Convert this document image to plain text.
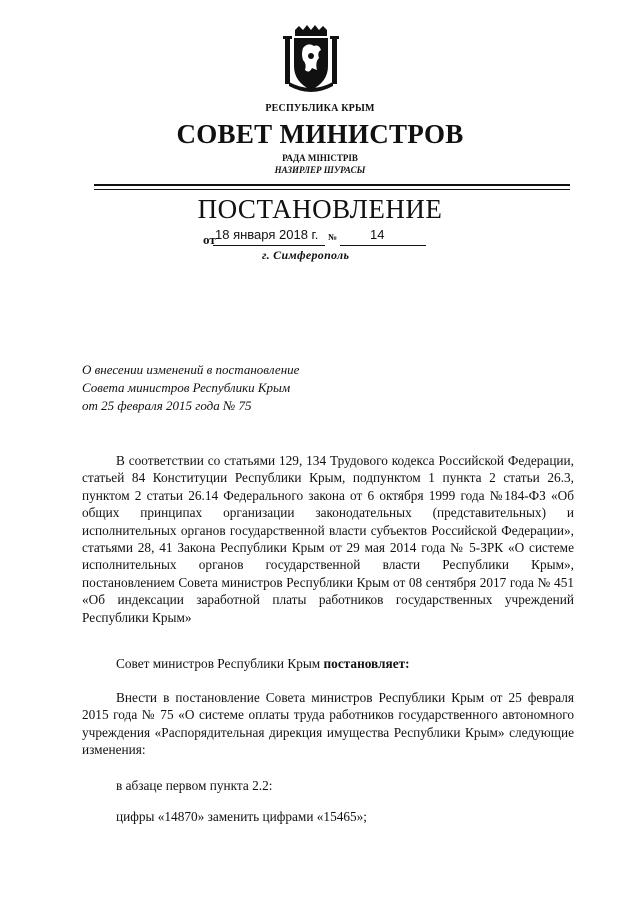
РЕСПУБЛИКА КРЫМ

СОВЕТ МИНИСТРОВ

РАДА МІНІСТРІВ

НАЗИРЛЕР ШУРАСЫ

ПОСТАНОВЛЕНИЕ

от 18 января 2018 г. №	14
г. Симферополь
О внесении изменений в постановление
Совета министров Республики Крым
от 25 февраля 2015 года № 75

В соответствии со статьями 129, 134 Трудового кодекса Российской Федерации, статьей 84 Конституции Республики Крым, подпунктом 1 пункта 2 статьи 26.3, пунктом 2 статьи 26.14 Федерального закона от 6 октября 1999 года №184-ФЗ «Об общих принципах организации законодательных (представительных) и исполнительных органов государственной власти субъектов Российской Федерации», статьями 28, 41 Закона Республики Крым от 29 мая 2014 года № 5-ЗРК «О системе исполнительных органов государственной власти Республики Крым», постановлением Совета министров Республики Крым от 08 сентября 2017 года № 451 «Об индексации заработной платы работников государственных учреждений Республики Крым»

Совет министров Республики Крым постановляет:

Внести в постановление Совета министров Республики Крым от 25 февраля 2015 года № 75 «О системе оплаты труда работников государственного автономного учреждения «Распорядительная дирекция имущества Республики Крым» следующие изменения:

в абзаце первом пункта 2.2:

цифры «14870» заменить цифрами «15465»;
